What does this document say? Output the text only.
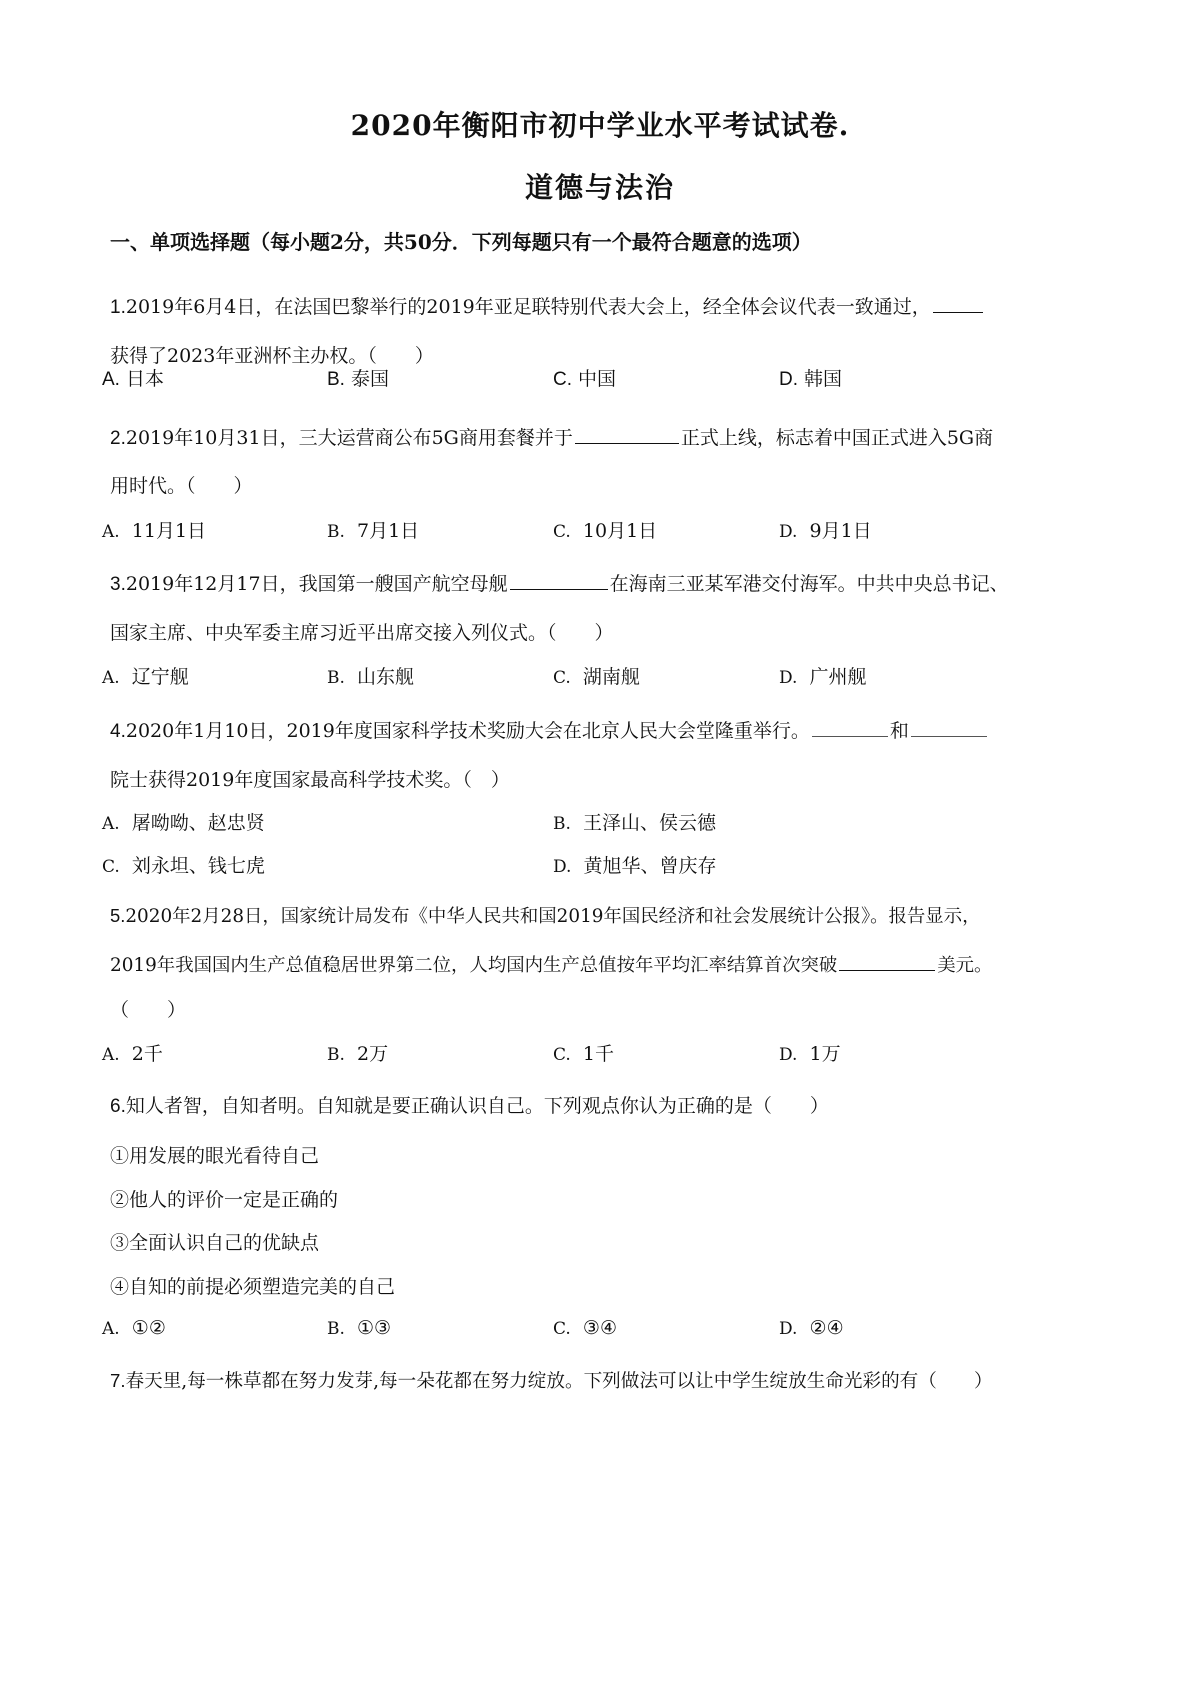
2020年衡阳市初中学业水平考试试卷.
道德与法治
一、单项选择题（每小题2分，共50分．下列每题只有一个最符合题意的选项）
1.2019年6月4日，在法国巴黎举行的2019年亚足联特别代表大会上，经全体会议代表一致通过，
获得了2023年亚洲杯主办权。（　　）
A. 日本	B. 泰国	C. 中国	D. 韩国
2.2019年10月31日，三大运营商公布5G商用套餐并于	正式上线，标志着中国正式进入5G商
用时代。（　　）
A. 11月1日	B. 7月1日	C. 10月1日	D. 9月1日
3.2019年12月17日，我国第一艘国产航空母舰	在海南三亚某军港交付海军。中共中央总书记、
国家主席、中央军委主席习近平出席交接入列仪式。（　　）
A. 辽宁舰	B. 山东舰	C. 湖南舰	D. 广州舰
4.2020年1月10日，2019年度国家科学技术奖励大会在北京人民大会堂隆重举行。	和
院士获得2019年度国家最高科学技术奖。（　）
A. 屠呦呦、赵忠贤	B. 王泽山、侯云德
C. 刘永坦、钱七虎	D. 黄旭华、曾庆存
5.2020年2月28日，国家统计局发布《中华人民共和国2019年国民经济和社会发展统计公报》。报告显示，
2019年我国国内生产总值稳居世界第二位，人均国内生产总值按年平均汇率结算首次突破	美元。
（　　）
A. 2千	B. 2万	C. 1千	D. 1万
6.知人者智，自知者明。自知就是要正确认识自己。下列观点你认为正确的是（　　）
①用发展的眼光看待自己
②他人的评价一定是正确的
③全面认识自己的优缺点
④自知的前提必须塑造完美的自己
A. ①②	B. ①③	C. ③④	D. ②④
7.春天里,每一株草都在努力发芽,每一朵花都在努力绽放。下列做法可以让中学生绽放生命光彩的有（　　）
